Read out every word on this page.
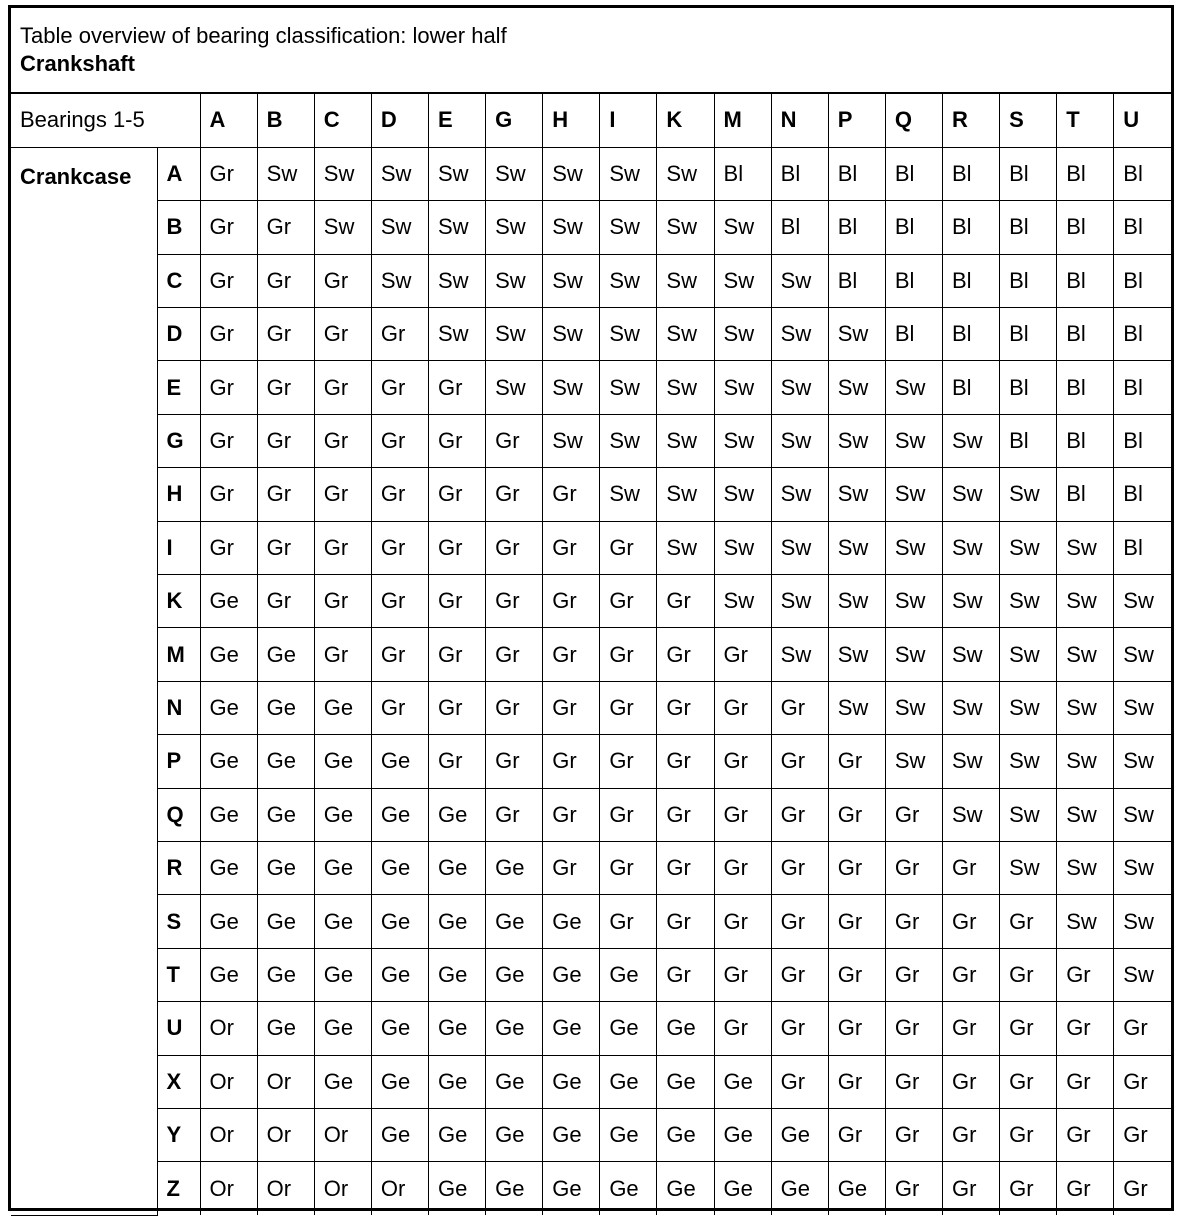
Table overview of bearing classification: lower half
Crankshaft
Bearings 1-5		A	B	C	D	E	G	H	I	K	M	N	P	Q	R	S	T	U
Crankcase	A	Gr	Sw	Sw	Sw	Sw	Sw	Sw	Sw	Sw	Bl	Bl	Bl	Bl	Bl	Bl	Bl	Bl
	B	Gr	Gr	Sw	Sw	Sw	Sw	Sw	Sw	Sw	Sw	Bl	Bl	Bl	Bl	Bl	Bl	Bl
	C	Gr	Gr	Gr	Sw	Sw	Sw	Sw	Sw	Sw	Sw	Sw	Bl	Bl	Bl	Bl	Bl	Bl
	D	Gr	Gr	Gr	Gr	Sw	Sw	Sw	Sw	Sw	Sw	Sw	Sw	Bl	Bl	Bl	Bl	Bl
	E	Gr	Gr	Gr	Gr	Gr	Sw	Sw	Sw	Sw	Sw	Sw	Sw	Sw	Bl	Bl	Bl	Bl
	G	Gr	Gr	Gr	Gr	Gr	Gr	Sw	Sw	Sw	Sw	Sw	Sw	Sw	Sw	Bl	Bl	Bl
	H	Gr	Gr	Gr	Gr	Gr	Gr	Gr	Sw	Sw	Sw	Sw	Sw	Sw	Sw	Sw	Bl	Bl
	I	Gr	Gr	Gr	Gr	Gr	Gr	Gr	Gr	Sw	Sw	Sw	Sw	Sw	Sw	Sw	Sw	Bl
	K	Ge	Gr	Gr	Gr	Gr	Gr	Gr	Gr	Gr	Sw	Sw	Sw	Sw	Sw	Sw	Sw	Sw
	M	Ge	Ge	Gr	Gr	Gr	Gr	Gr	Gr	Gr	Gr	Sw	Sw	Sw	Sw	Sw	Sw	Sw
	N	Ge	Ge	Ge	Gr	Gr	Gr	Gr	Gr	Gr	Gr	Gr	Sw	Sw	Sw	Sw	Sw	Sw
	P	Ge	Ge	Ge	Ge	Gr	Gr	Gr	Gr	Gr	Gr	Gr	Gr	Sw	Sw	Sw	Sw	Sw
	Q	Ge	Ge	Ge	Ge	Ge	Gr	Gr	Gr	Gr	Gr	Gr	Gr	Gr	Sw	Sw	Sw	Sw
	R	Ge	Ge	Ge	Ge	Ge	Ge	Gr	Gr	Gr	Gr	Gr	Gr	Gr	Gr	Sw	Sw	Sw
	S	Ge	Ge	Ge	Ge	Ge	Ge	Ge	Gr	Gr	Gr	Gr	Gr	Gr	Gr	Gr	Sw	Sw
	T	Ge	Ge	Ge	Ge	Ge	Ge	Ge	Ge	Gr	Gr	Gr	Gr	Gr	Gr	Gr	Gr	Sw
	U	Or	Ge	Ge	Ge	Ge	Ge	Ge	Ge	Ge	Gr	Gr	Gr	Gr	Gr	Gr	Gr	Gr
	X	Or	Or	Ge	Ge	Ge	Ge	Ge	Ge	Ge	Ge	Gr	Gr	Gr	Gr	Gr	Gr	Gr
	Y	Or	Or	Or	Ge	Ge	Ge	Ge	Ge	Ge	Ge	Ge	Gr	Gr	Gr	Gr	Gr	Gr
	Z	Or	Or	Or	Or	Ge	Ge	Ge	Ge	Ge	Ge	Ge	Ge	Gr	Gr	Gr	Gr	Gr
